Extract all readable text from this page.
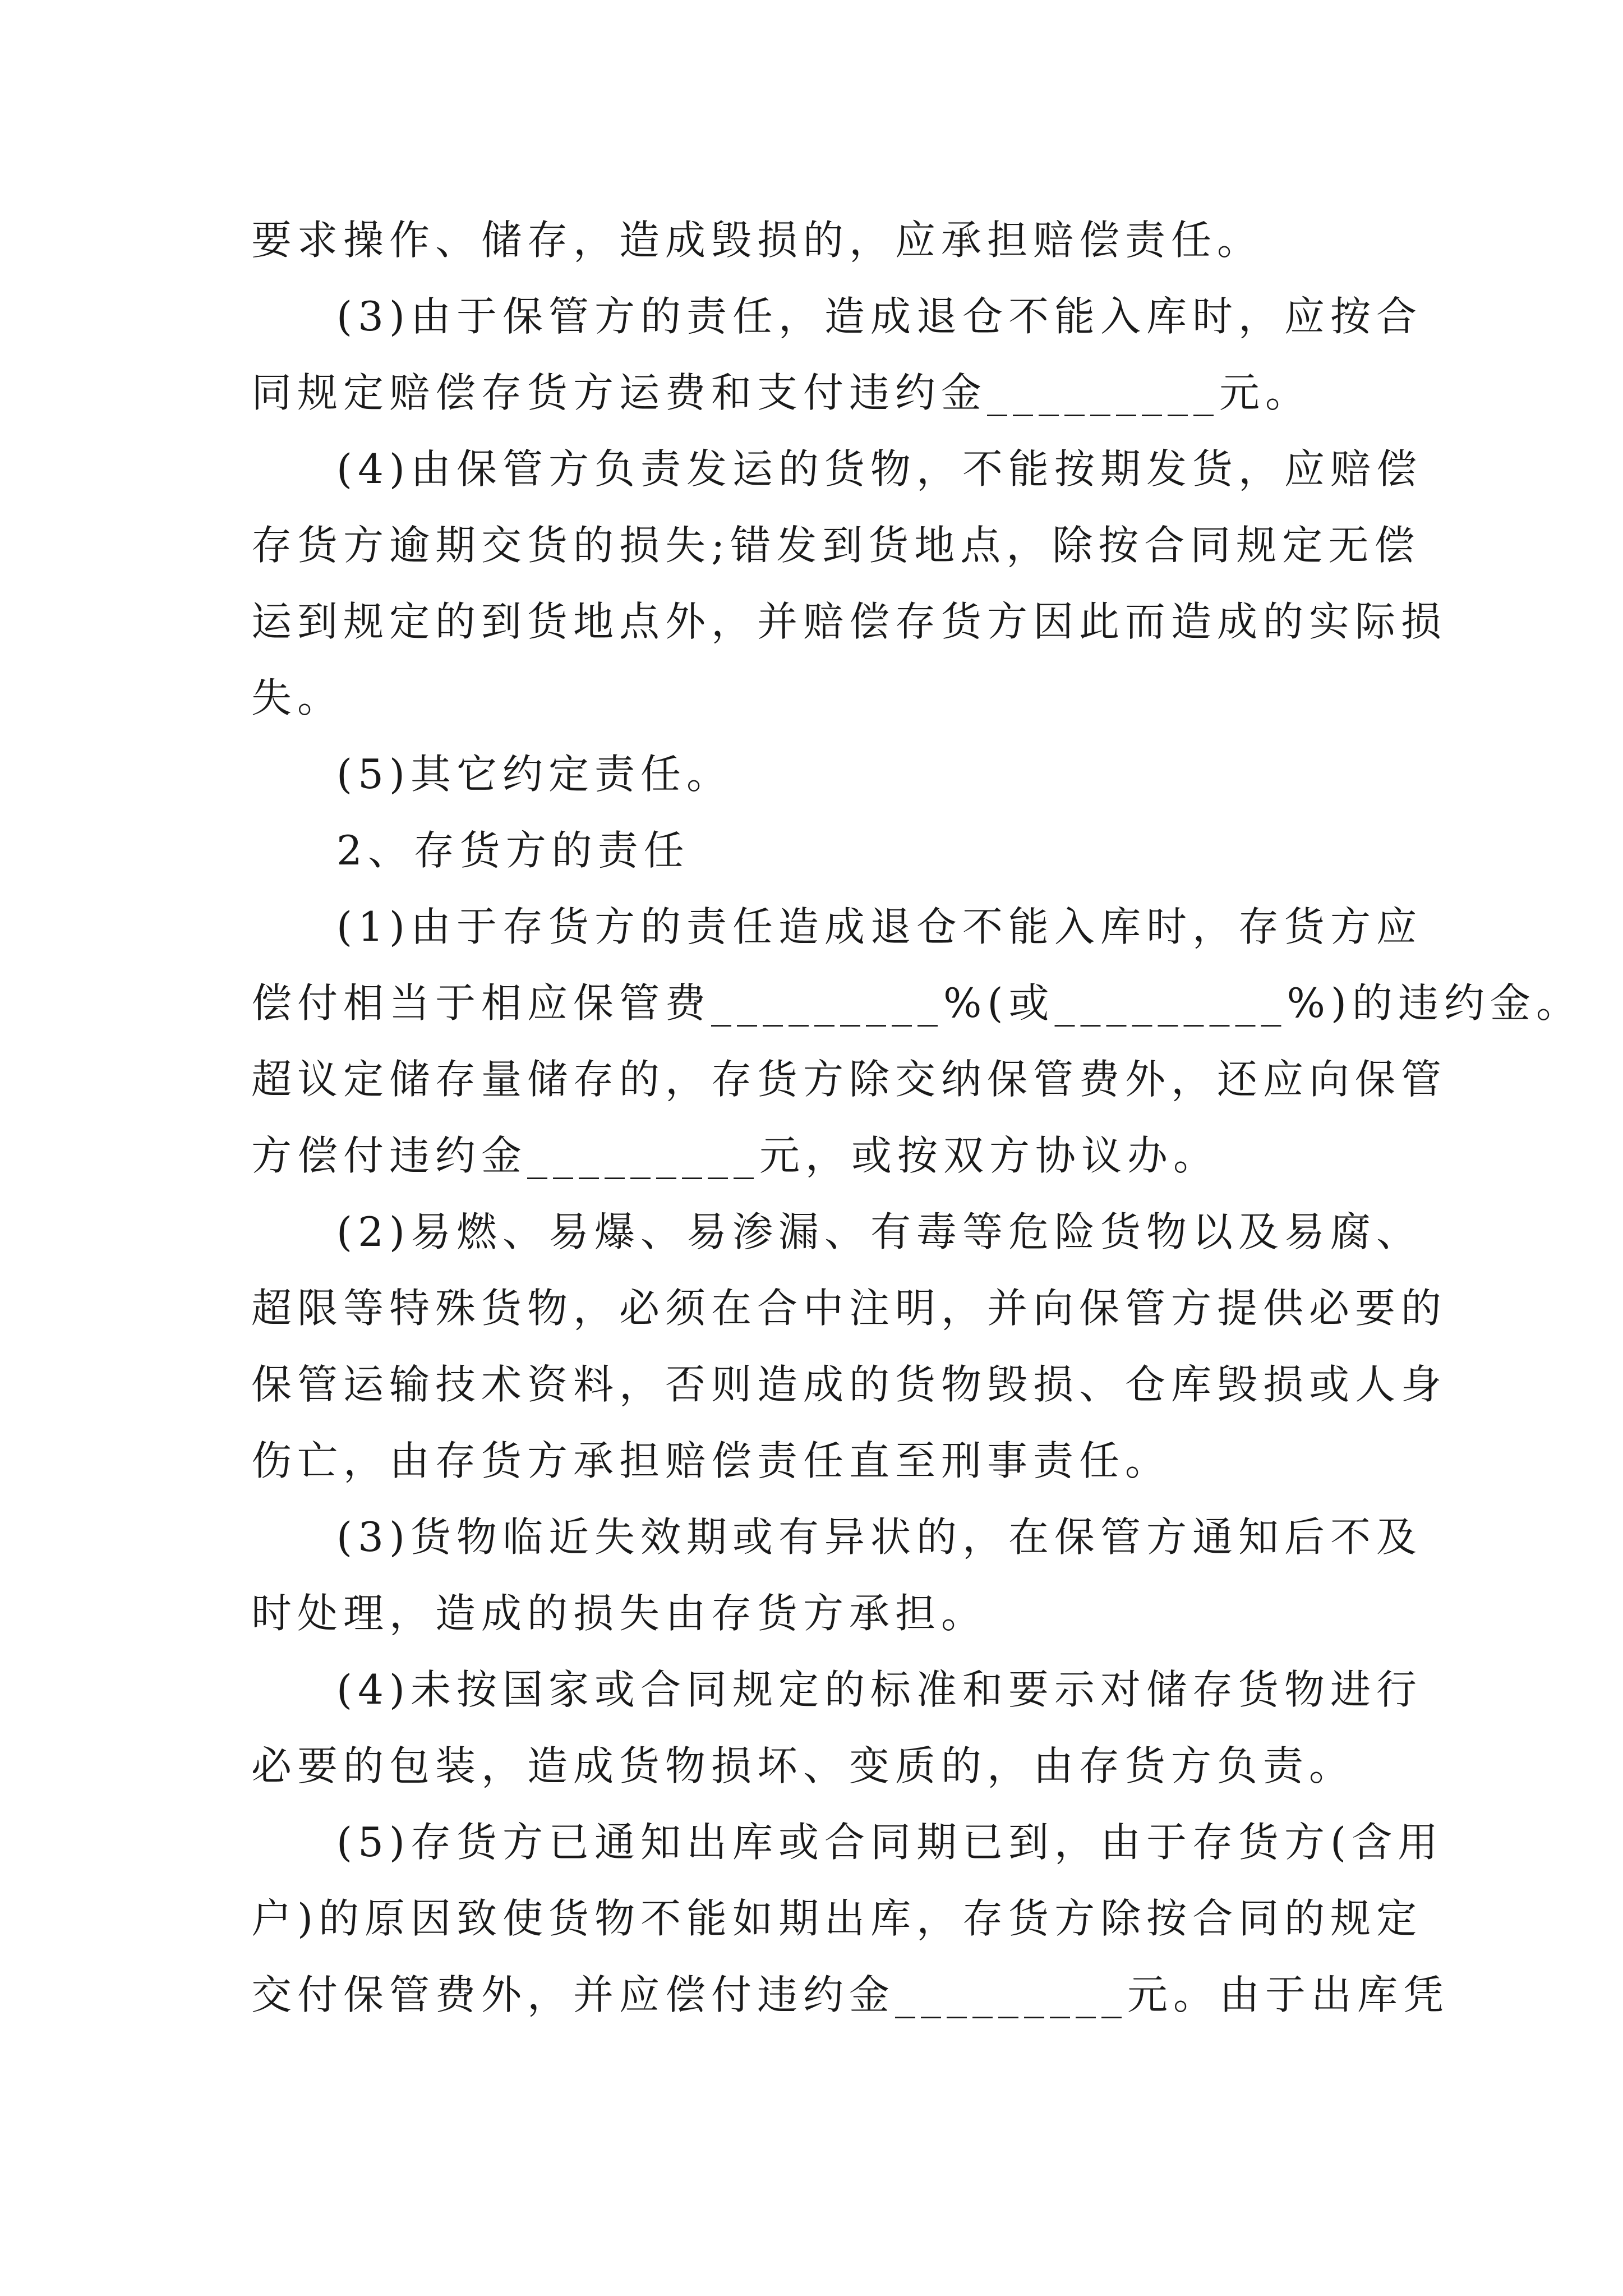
要求操作、储存，造成毁损的，应承担赔偿责任。
(3)由于保管方的责任，造成退仓不能入库时，应按合
同规定赔偿存货方运费和支付违约金_________元。
(4)由保管方负责发运的货物，不能按期发货，应赔偿
存货方逾期交货的损失;错发到货地点，除按合同规定无偿
运到规定的到货地点外，并赔偿存货方因此而造成的实际损
失。
(5)其它约定责任。
2、存货方的责任
(1)由于存货方的责任造成退仓不能入库时，存货方应
偿付相当于相应保管费_________%(或_________%)的违约金。
超议定储存量储存的，存货方除交纳保管费外，还应向保管
方偿付违约金_________元，或按双方协议办。
(2)易燃、易爆、易渗漏、有毒等危险货物以及易腐、
超限等特殊货物，必须在合中注明，并向保管方提供必要的
保管运输技术资料，否则造成的货物毁损、仓库毁损或人身
伤亡，由存货方承担赔偿责任直至刑事责任。
(3)货物临近失效期或有异状的，在保管方通知后不及
时处理，造成的损失由存货方承担。
(4)未按国家或合同规定的标准和要示对储存货物进行
必要的包装，造成货物损坏、变质的，由存货方负责。
(5)存货方已通知出库或合同期已到，由于存货方(含用
户)的原因致使货物不能如期出库，存货方除按合同的规定
交付保管费外，并应偿付违约金_________元。由于出库凭
